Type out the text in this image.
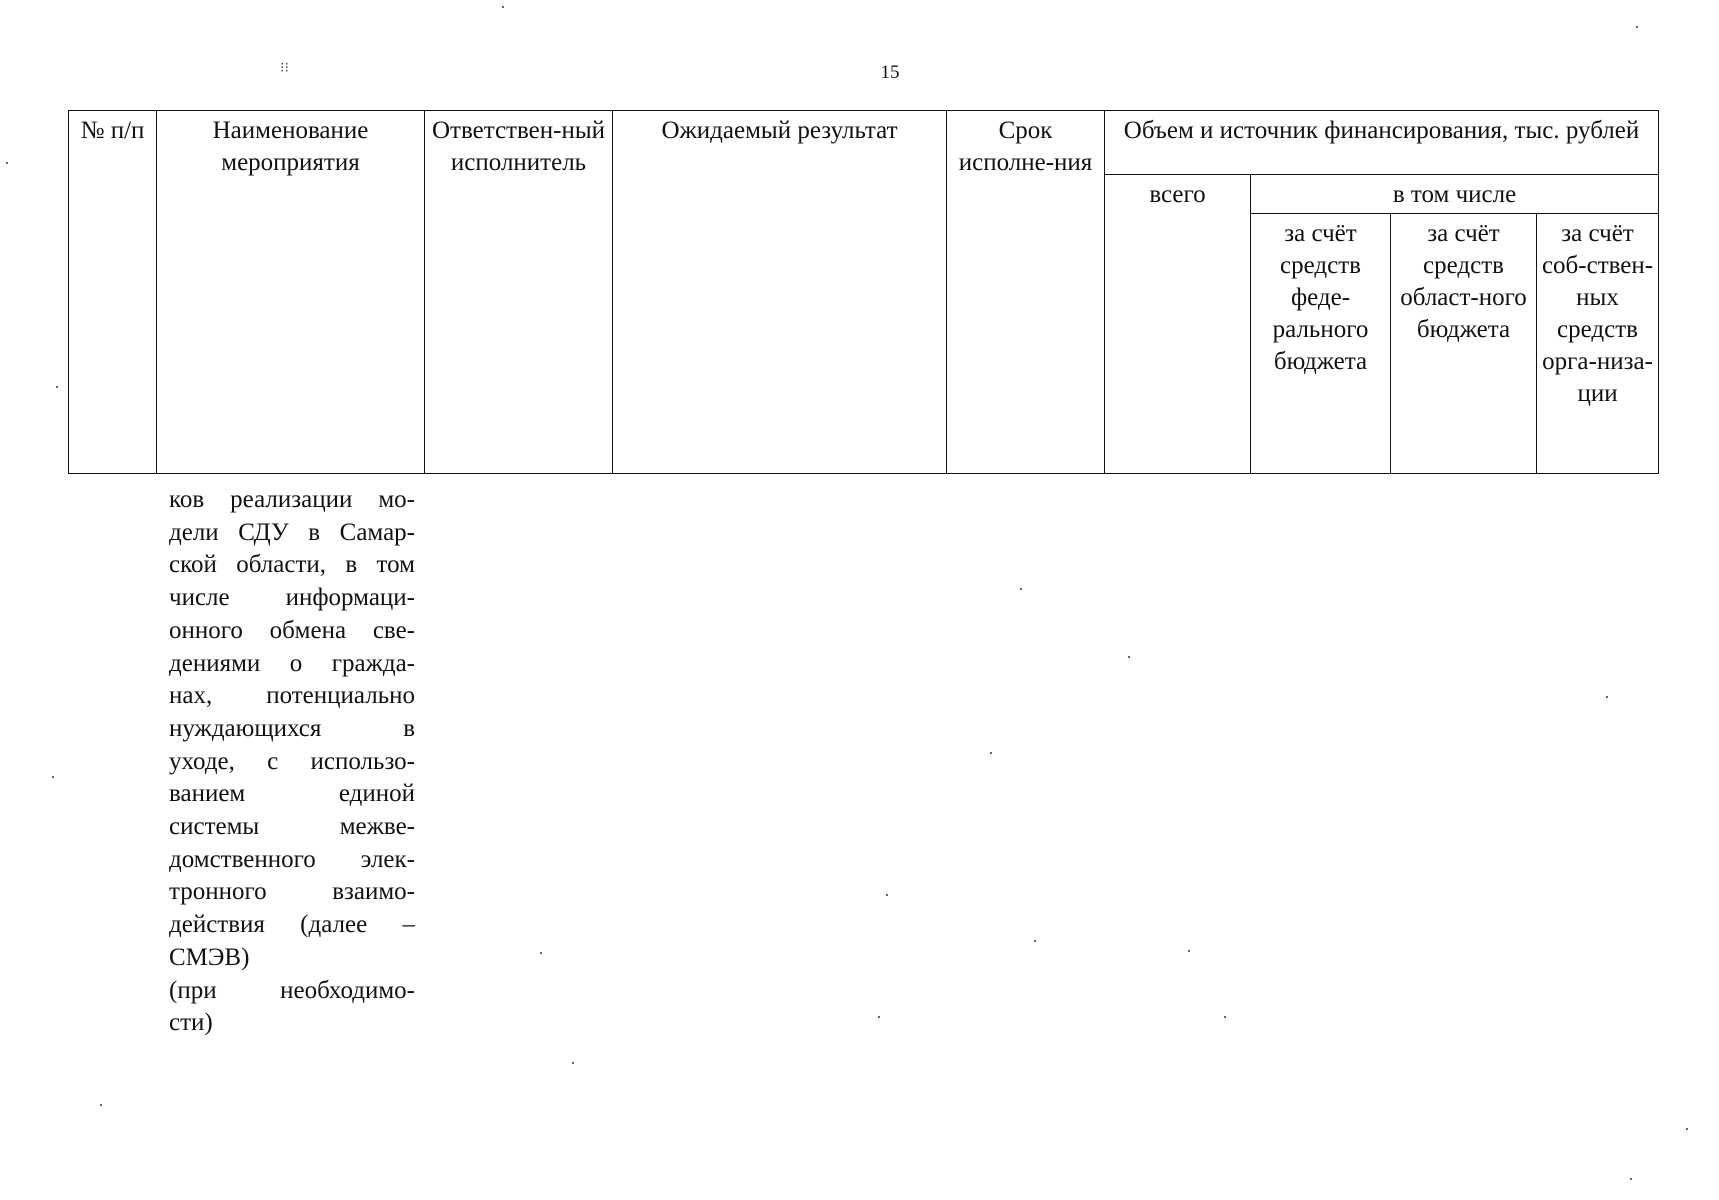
15
⁝⁝
№ п/п	Наименование мероприятия	Ответствен-ный исполнитель	Ожидаемый результат	Срок исполне-ния	Объем и источник финансирования, тыс. рублей			
					всего	в том числе		
						за счёт средств феде-рального бюджета	за счёт средств област-ного бюджета	за счёт соб-ствен-ных средств орга-низа-ции
ков реализации мо-
дели СДУ в Самар-
ской области, в том
числе информаци-
онного обмена све-
дениями о гражда-
нах, потенциально
нуждающихся в
уходе, с использо-
ванием единой
системы межве-
домственного элек-
тронного взаимо-
действия (далее –
СМЭВ)
(при необходимо-
сти)
